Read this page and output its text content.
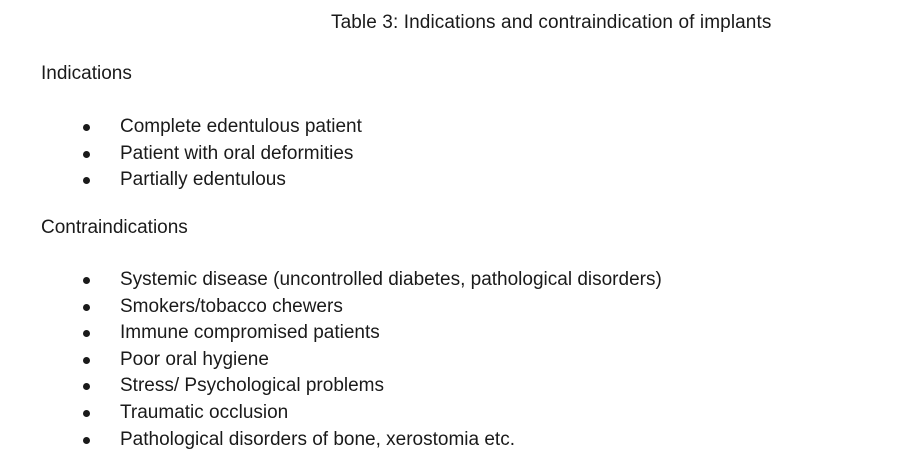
Table 3: Indications and contraindication of implants
Indications
Complete edentulous patient
Patient with oral deformities
Partially edentulous
Contraindications
Systemic disease (uncontrolled diabetes, pathological disorders)
Smokers/tobacco chewers
Immune compromised patients
Poor oral hygiene
Stress/ Psychological problems
Traumatic occlusion
Pathological disorders of bone, xerostomia etc.
